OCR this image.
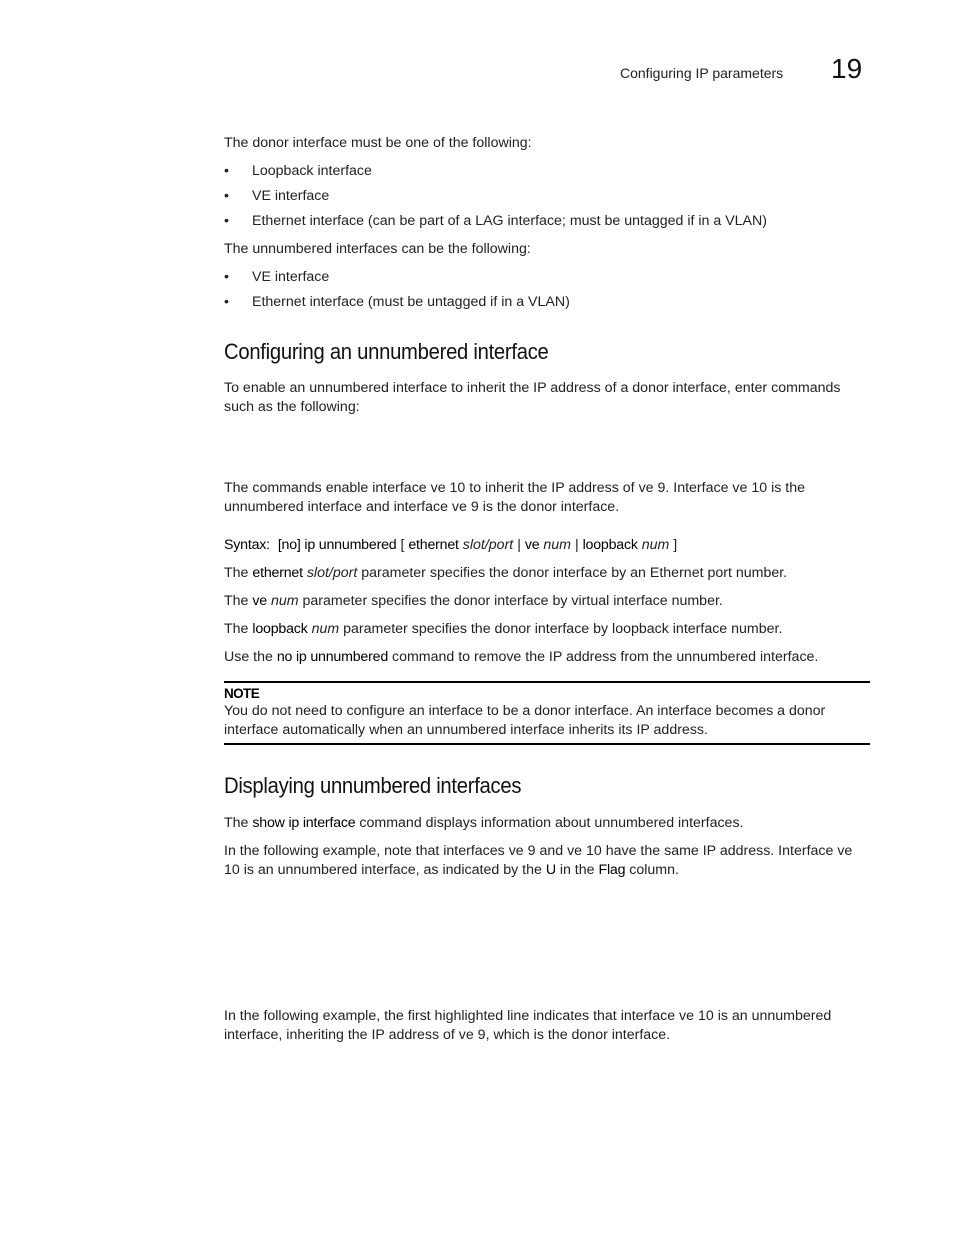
Configuring IP parameters 19

The donor interface must be one of the following:

• Loopback interface
• VE interface
• Ethernet interface (can be part of a LAG interface; must be untagged if in a VLAN)

The unnumbered interfaces can be the following:

• VE interface
• Ethernet interface (must be untagged if in a VLAN)
Configuring an unnumbered interface

To enable an unnumbered interface to inherit the IP address of a donor interface, enter commands such as the following:

The commands enable interface ve 10 to inherit the IP address of ve 9. Interface ve 10 is the unnumbered interface and interface ve 9 is the donor interface.

Syntax: [no] ip unnumbered [ ethernet slot/port | ve num | loopback num ]

The ethernet slot/port parameter specifies the donor interface by an Ethernet port number.

The ve num parameter specifies the donor interface by virtual interface number.

The loopback num parameter specifies the donor interface by loopback interface number.

Use the no ip unnumbered command to remove the IP address from the unnumbered interface.

NOTE

You do not need to configure an interface to be a donor interface. An interface becomes a donor interface automatically when an unnumbered interface inherits its IP address.

Displaying unnumbered interfaces

The show ip interface command displays information about unnumbered interfaces.

In the following example, note that interfaces ve 9 and ve 10 have the same IP address. Interface ve 10 is an unnumbered interface, as indicated by the U in the Flag column.

In the following example, the first highlighted line indicates that interface ve 10 is an unnumbered interface, inheriting the IP address of ve 9, which is the donor interface.
